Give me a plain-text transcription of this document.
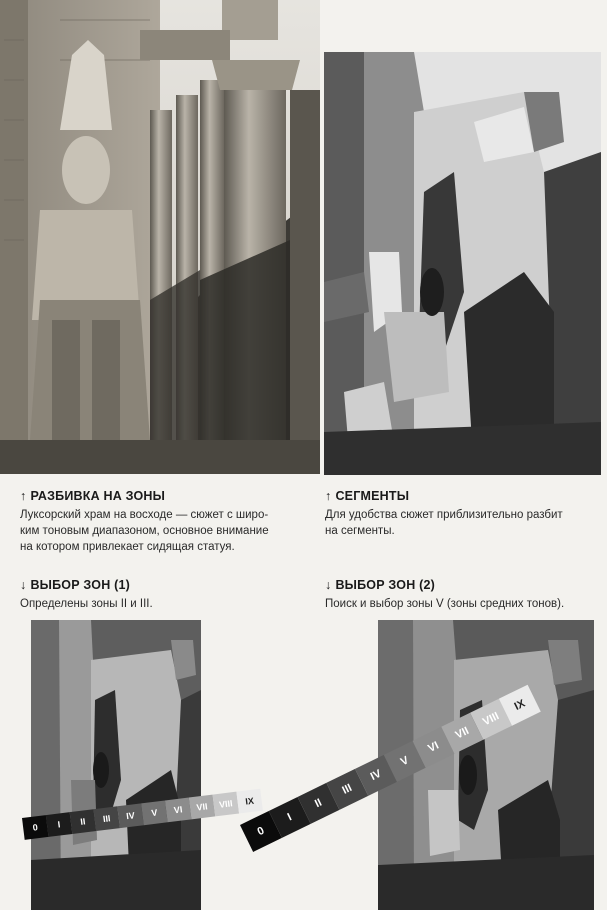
↑ РАЗБИВКА НА ЗОНЫ
Луксорский храм на восходе — сюжет с широ-
ким тоновым диапазоном, основное внимание
на котором привлекает сидящая статуя.
↑ СЕГМЕНТЫ
Для удобства сюжет приблизительно разбит
на сегменты.
↓ ВЫБОР ЗОН (1)
Определены зоны II и III.
↓ ВЫБОР ЗОН (2)
Поиск и выбор зоны V (зоны средних тонов).
0	I	II	III	IV	V	VI	VII	VIII	IX
0
I
II
III
IV
V
VI
VII
VIII
IX
